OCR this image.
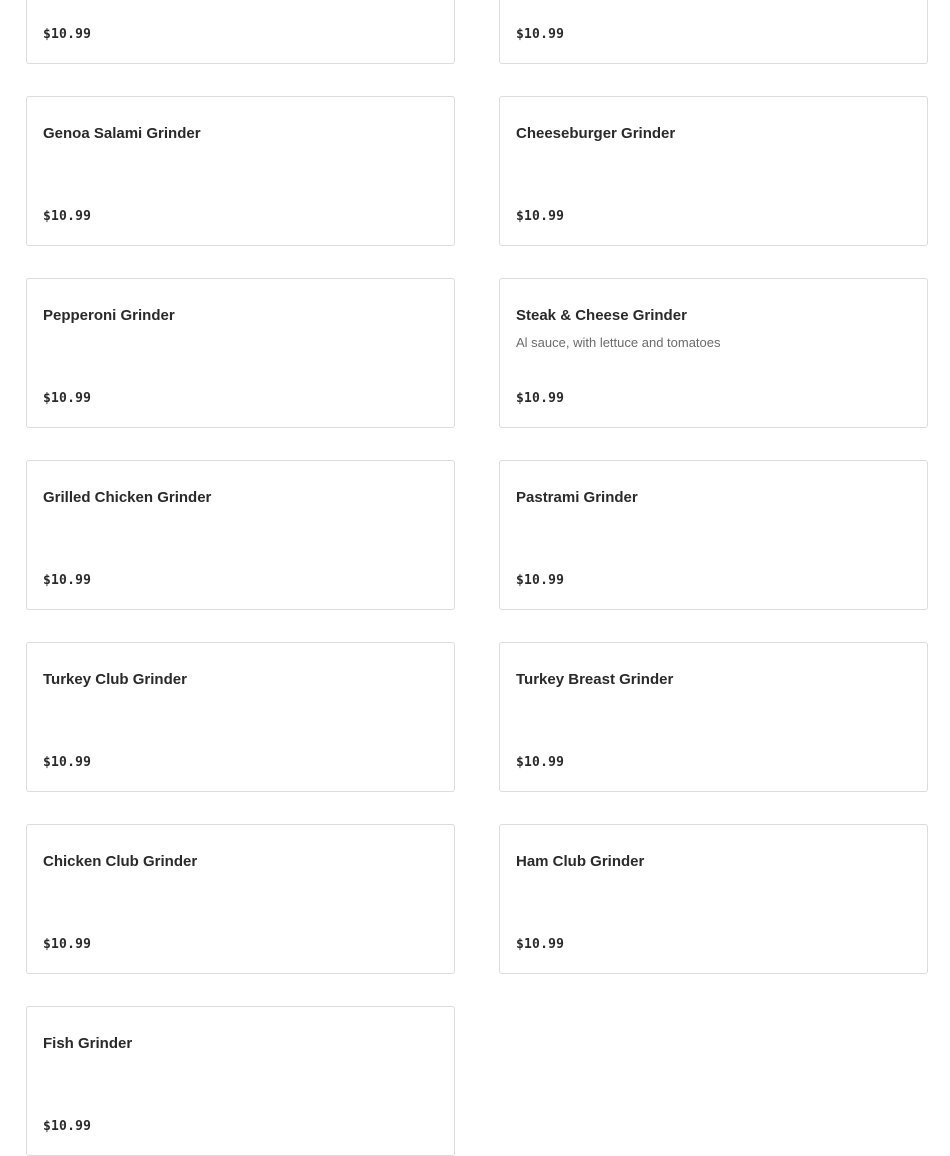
$10.99	$10.99
Genoa Salami Grinder
$10.99
Cheeseburger Grinder
$10.99
Pepperoni Grinder
$10.99
Steak & Cheese Grinder
Al sauce, with lettuce and tomatoes
$10.99
Grilled Chicken Grinder
$10.99
Pastrami Grinder
$10.99
Turkey Club Grinder
$10.99
Turkey Breast Grinder
$10.99
Chicken Club Grinder
$10.99
Ham Club Grinder
$10.99
Fish Grinder
$10.99
